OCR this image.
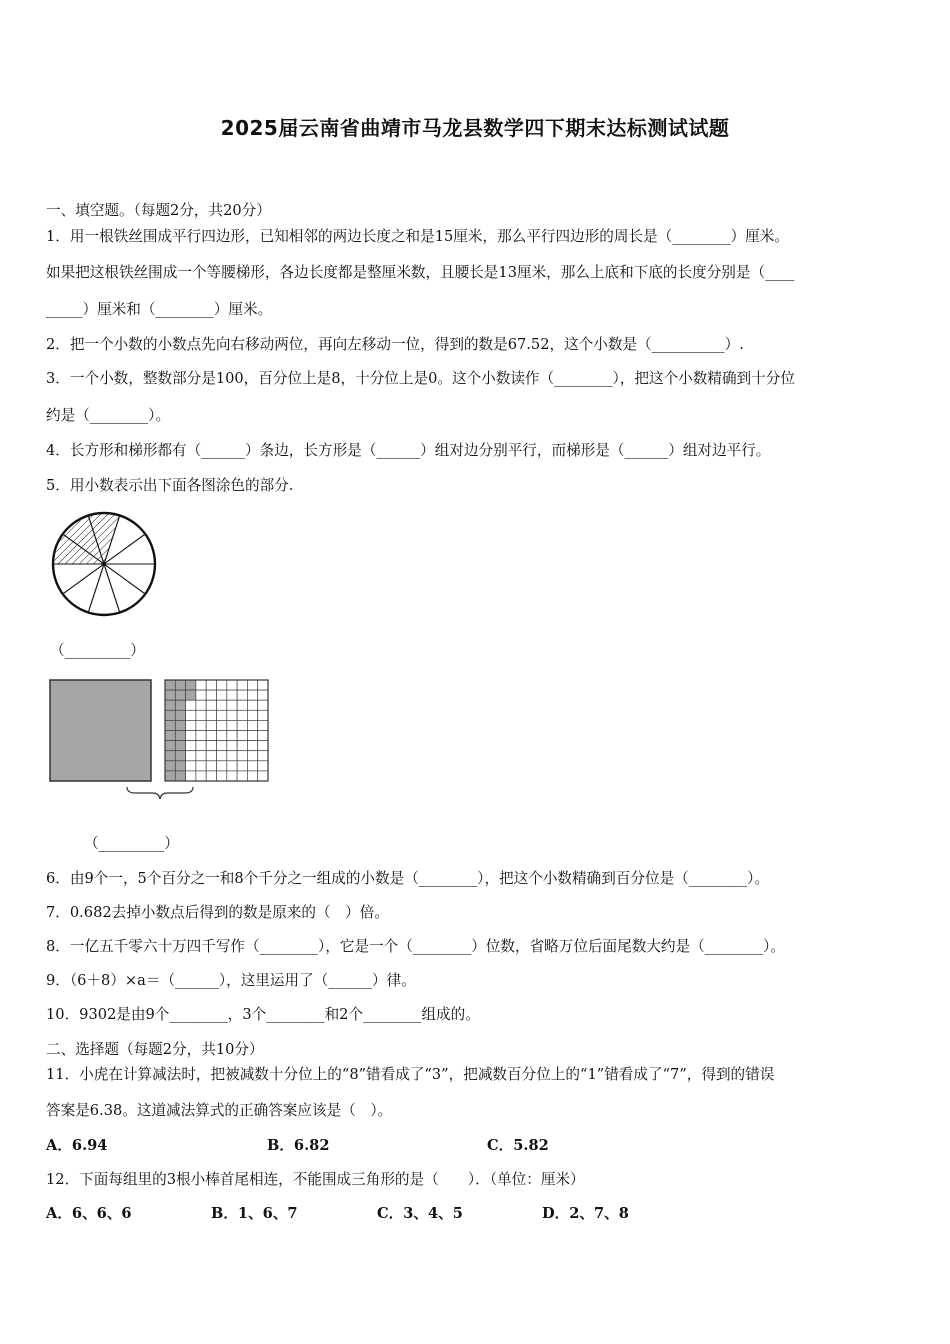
2025届云南省曲靖市马龙县数学四下期末达标测试试题
一、填空题。（每题2分，共20分）
1．用一根铁丝围成平行四边形，已知相邻的两边长度之和是15厘米，那么平行四边形的周长是（________）厘米。
如果把这根铁丝围成一个等腰梯形，各边长度都是整厘米数，且腰长是13厘米，那么上底和下底的长度分别是（____
_____）厘米和（________）厘米。
2．把一个小数的小数点先向右移动两位，再向左移动一位，得到的数是67.52，这个小数是（__________）.
3．一个小数，整数部分是100，百分位上是8，十分位上是0。这个小数读作（________），把这个小数精确到十分位
约是（________）。
4．长方形和梯形都有（______）条边，长方形是（______）组对边分别平行，而梯形是（______）组对边平行。
5．用小数表示出下面各图涂色的部分.
（_________）
（_________）
6．由9个一，5个百分之一和8个千分之一组成的小数是（________），把这个小数精确到百分位是（________）。
7．0.682去掉小数点后得到的数是原来的（　）倍。
8．一亿五千零六十万四千写作（________），它是一个（________）位数，省略万位后面尾数大约是（________）。
9．（6＋8）×a＝（______），这里运用了（______）律。
10．9302是由9个________，3个________和2个________组成的。
二、选择题（每题2分，共10分）
11．小虎在计算减法时，把被减数十分位上的“8”错看成了“3”，把减数百分位上的“1”错看成了“7”，得到的错误
答案是6.38。这道减法算式的正确答案应该是（　）。
A．6.94	B．6.82	C．5.82
12．下面每组里的3根小棒首尾相连，不能围成三角形的是（　　）．（单位：厘米）
A．6、6、6	B．1、6、7	C．3、4、5	D．2、7、8
